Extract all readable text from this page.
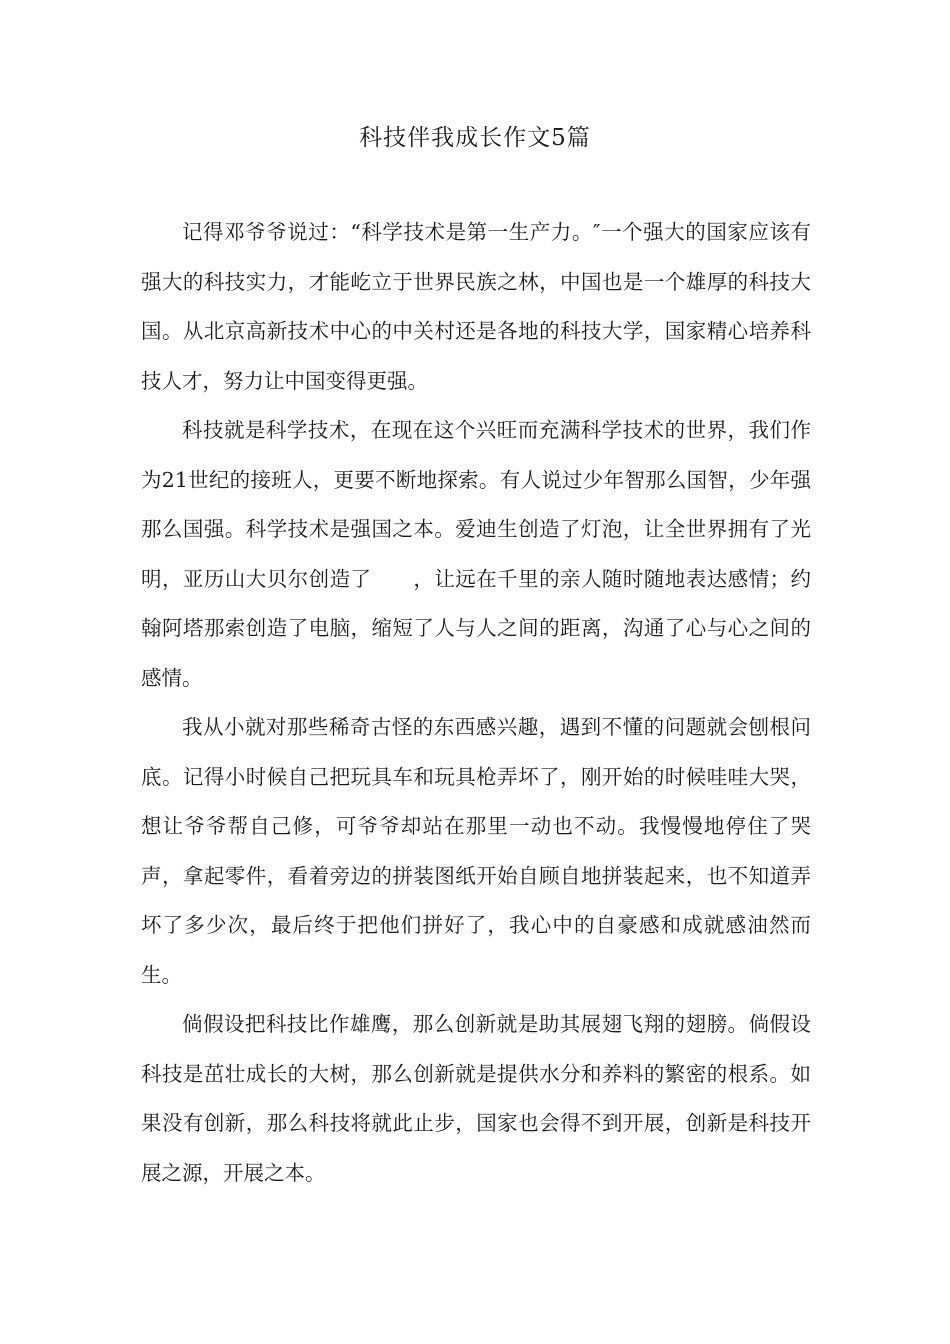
科技伴我成长作文5篇

记得邓爷爷说过：“科学技术是第一生产力。″一个强大的国家应该有强大的科技实力，才能屹立于世界民族之林，中国也是一个雄厚的科技大国。从北京高新技术中心的中关村还是各地的科技大学，国家精心培养科技人才，努力让中国变得更强。

科技就是科学技术，在现在这个兴旺而充满科学技术的世界，我们作为21世纪的接班人，更要不断地探索。有人说过少年智那么国智，少年强那么国强。科学技术是强国之本。爱迪生创造了灯泡，让全世界拥有了光明，亚历山大贝尔创造了　　，让远在千里的亲人随时随地表达感情；约翰阿塔那索创造了电脑，缩短了人与人之间的距离，沟通了心与心之间的感情。

我从小就对那些稀奇古怪的东西感兴趣，遇到不懂的问题就会刨根问底。记得小时候自己把玩具车和玩具枪弄坏了，刚开始的时候哇哇大哭，想让爷爷帮自己修，可爷爷却站在那里一动也不动。我慢慢地停住了哭声，拿起零件，看着旁边的拼装图纸开始自顾自地拼装起来，也不知道弄坏了多少次，最后终于把他们拼好了，我心中的自豪感和成就感油然而生。

倘假设把科技比作雄鹰，那么创新就是助其展翅飞翔的翅膀。倘假设科技是茁壮成长的大树，那么创新就是提供水分和养料的繁密的根系。如果没有创新，那么科技将就此止步，国家也会得不到开展，创新是科技开展之源，开展之本。
